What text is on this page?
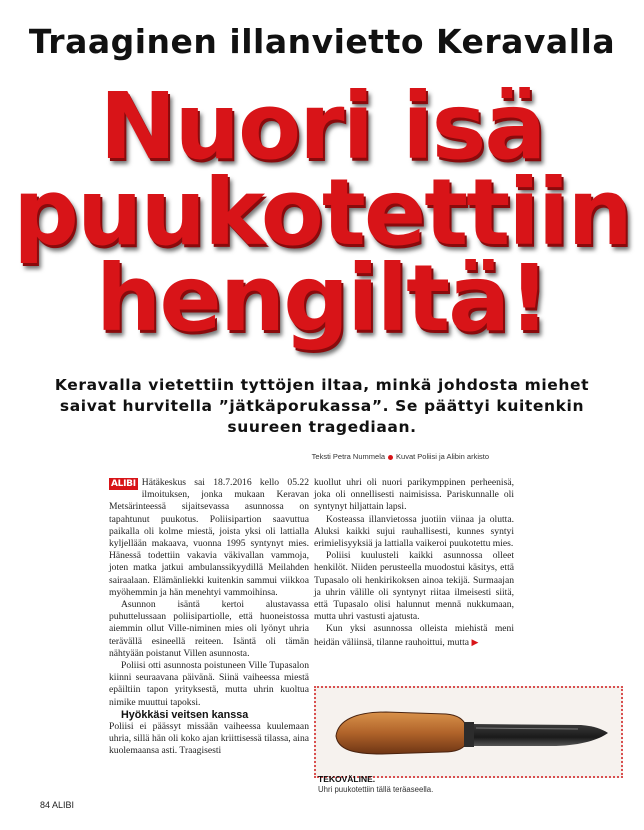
Traaginen illanvietto Keravalla
Nuori isä
puukotettiin
hengiltä!
Keravalla vietettiin tyttöjen iltaa, minkä johdosta miehet saivat hurvitella ”jätkäporukassa”. Se päättyi kuitenkin suureen tragediaan.
Teksti Petra Nummela Kuvat Poliisi ja Alibin arkisto

ALIBI Hätäkeskus sai 18.7.2016 kello 05.22 ilmoituksen, jonka mukaan Keravan Metsärinteessä sijaitsevassa asunnossa on tapahtunut puukotus. Poliisipartion saavuttua paikalla oli kolme miestä, joista yksi oli lattialla kyljellään makaava, vuonna 1995 syntynyt mies. Hänessä todettiin vakavia väkivallan vammoja, joten matka jatkui ambulanssikyydillä Meilahden sairaalaan. Elämänliekki kuitenkin sammui viikkoa myöhemmin ja hän menehtyi vammoihinsa.

Asunnon isäntä kertoi alustavassa puhuttelussaan poliisipartiolle, että huoneistossa aiemmin ollut Ville-niminen mies oli lyönyt uhria terävällä esineellä reiteen. Isäntä oli tämän nähtyään poistanut Villen asunnosta.

Poliisi otti asunnosta poistuneen Ville Tupasalon kiinni seuraavana päivänä. Siinä vaiheessa miestä epäiltiin tapon yrityksestä, mutta uhrin kuoltua nimike muuttui tapoksi.

Hyökkäsi veitsen kanssa

Poliisi ei päässyt missään vaiheessa kuulemaan uhria, sillä hän oli koko ajan kriittisessä tilassa, aina kuolemaansa asti. Traagisesti

kuollut uhri oli nuori parikymppinen perheenisä, joka oli onnellisesti naimisissa. Pariskunnalle oli syntynyt hiljattain lapsi.

Kosteassa illanvietossa juotiin viinaa ja olutta. Aluksi kaikki sujui rauhallisesti, kunnes syntyi erimielisyyksiä ja lattialla vaikeroi puukotettu mies.

Poliisi kuulusteli kaikki asunnossa olleet henkilöt. Niiden perusteella muodostui käsitys, että Tupasalo oli henkirikoksen ainoa tekijä. Surmaajan ja uhrin välille oli syntynyt riitaa ilmeisesti siitä, että Tupasalo olisi halunnut mennä nukkumaan, mutta uhri vastusti ajatusta.

Kun yksi asunnossa olleista miehistä meni heidän väliinsä, tilanne rauhoittui, mutta ▶

TEKOVÄLINE.
Uhri puukotettiin tällä teräaseella.
84 ALIBI
